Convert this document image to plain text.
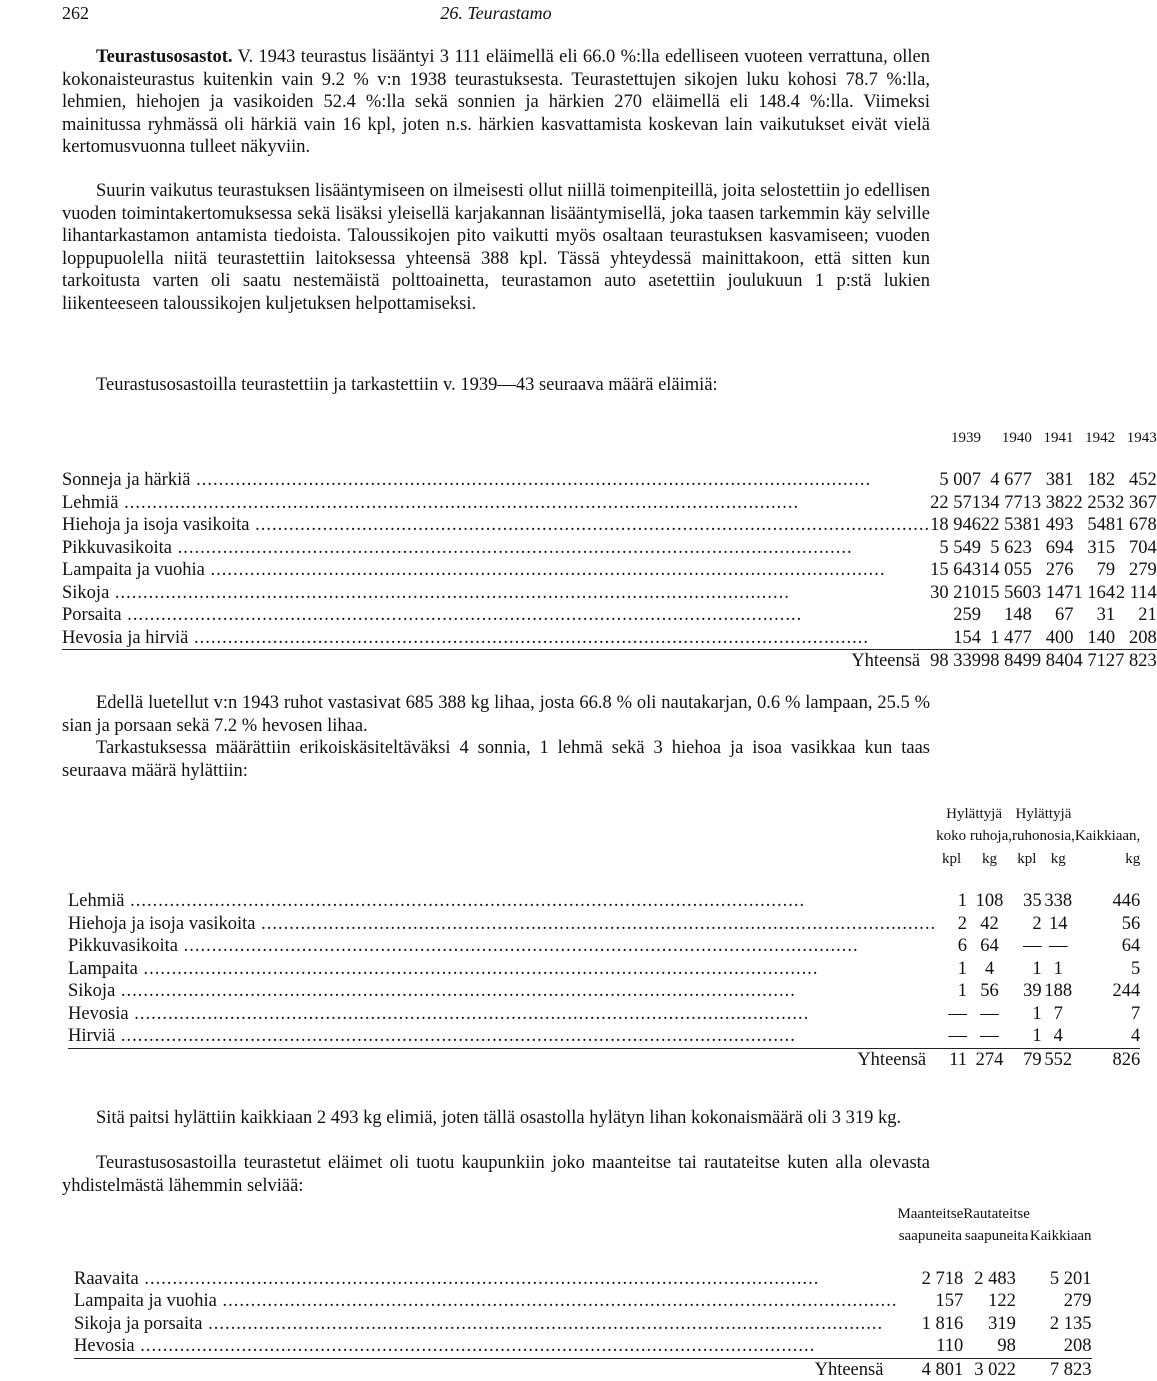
262	26. Teurastamo

Teurastusosastot. V. 1943 teurastus lisääntyi 3 111 eläimellä eli 66.0 %:lla edelliseen vuoteen verrattuna, ollen kokonaisteurastus kuitenkin vain 9.2 % v:n 1938 teurastuksesta. Teurastettujen sikojen luku kohosi 78.7 %:lla, lehmien, hiehojen ja vasikoiden 52.4 %:lla sekä sonnien ja härkien 270 eläimellä eli 148.4 %:lla. Viimeksi mainitussa ryhmässä oli härkiä vain 16 kpl, joten n.s. härkien kasvattamista koskevan lain vaikutukset eivät vielä kertomusvuonna tulleet näkyviin.

Suurin vaikutus teurastuksen lisääntymiseen on ilmeisesti ollut niillä toimenpiteillä, joita selostettiin jo edellisen vuoden toimintakertomuksessa sekä lisäksi yleisellä karjakannan lisääntymisellä, joka taasen tarkemmin käy selville lihantarkastamon antamista tiedoista. Taloussikojen pito vaikutti myös osaltaan teurastuksen kasvamiseen; vuoden loppupuolella niitä teurastettiin laitoksessa yhteensä 388 kpl. Tässä yhteydessä mainittakoon, että sitten kun tarkoitusta varten oli saatu nestemäistä polttoainetta, teurastamon auto asetettiin joulukuun 1 p:stä lukien liikenteeseen taloussikojen kuljetuksen helpottamiseksi.

Teurastusosastoilla teurastettiin ja tarkastettiin v. 1939—43 seuraava määrä eläimiä:

	1939	1940	1941	1942	1943

Sonneja ja härkiä .....	5 007	4 677	381	182	452

Lehmiä .....	22 571	34 771	3 382	2 253	2 367

Hiehoja ja isoja vasikoita .....	18 946	22 538	1 493	548	1 678

Pikkuvasikoita .....	5 549	5 623	694	315	704

Lampaita ja vuohia .....	15 643	14 055	276	79	279

Sikoja .....	30 210	15 560	3 147	1 164	2 114

Porsaita .....	259	148	67	31	21

Hevosia ja hirviä .....	154	1 477	400	140	208
Yhteensä	98 339	98 849	9 840	4 712	7 823

Edellä luetellut v:n 1943 ruhot vastasivat 685 388 kg lihaa, josta 66.8 % oli nautakarjan, 0.6 % lampaan, 25.5 % sian ja porsaan sekä 7.2 % hevosen lihaa.

Tarkastuksessa määrättiin erikoiskäsiteltäväksi 4 sonnia, 1 lehmä sekä 3 hiehoa ja isoa vasikkaa kun taas seuraava määrä hylättiin:

	Hylättyjä		Hylättyjä		
	koko ruhoja,		ruhonosia,		Kaikkiaan,
	kpl	kg	kpl	kg	kg

Lehmiä .....	1	108	35	338	446

Hiehoja ja isoja vasikoita .....	2	42	2	14	56

Pikkuvasikoita .....	6	64	—	—	64

Lampaita .....	1	4	1	1	5

Sikoja .....	1	56	39	188	244

Hevosia .....	—	—	1	7	7

Hirviä .....	—	—	1	4	4
Yhteensä	11	274	79	552	826

Sitä paitsi hylättiin kaikkiaan 2 493 kg elimiä, joten tällä osastolla hylätyn lihan kokonaismäärä oli 3 319 kg.

Teurastusosastoilla teurastetut eläimet oli tuotu kaupunkiin joko maanteitse tai rautateitse kuten alla olevasta yhdistelmästä lähemmin selviää:

	Maanteitse	Rautateitse	
	saapuneita	saapuneita	Kaikkiaan

Raavaita .....	2 718	2 483	5 201

Lampaita ja vuohia .....	157	122	279

Sikoja ja porsaita .....	1 816	319	2 135

Hevosia .....	110	98	208
Yhteensä	4 801	3 022	7 823
